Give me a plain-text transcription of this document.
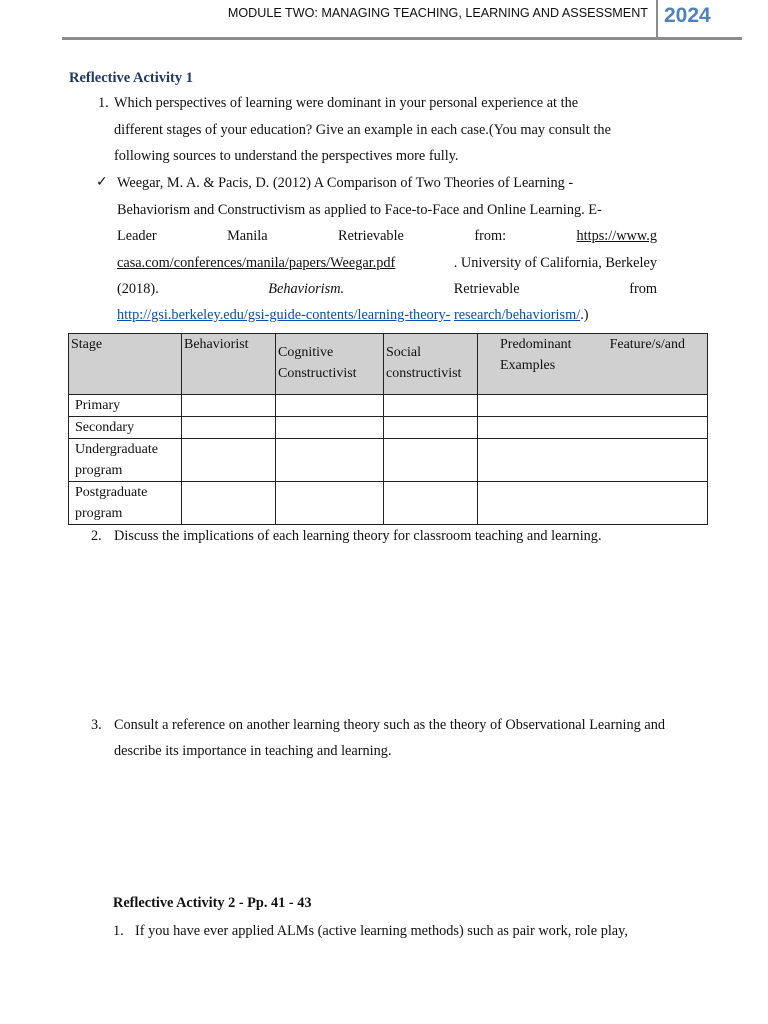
MODULE TWO: MANAGING TEACHING, LEARNING AND ASSESSMENT 2024
Reflective Activity 1
1. Which perspectives of learning were dominant in your personal experience at the
different stages of your education? Give an example in each case.(You may consult the
following sources to understand the perspectives more fully.
✓ Weegar, M. A. & Pacis, D. (2012) A Comparison of Two Theories of Learning -
Behaviorism and Constructivism as applied to Face-to-Face and Online Learning. E-
Leader	Manila	Retrievable	from:	https://www.g
casa.com/conferences/manila/papers/Weegar.pdf	. University of California, Berkeley
(2018).	Behaviorism.	Retrievable	from
http://gsi.berkeley.edu/gsi-guide-contents/learning-theory- research/behaviorism/.)
Stage	Behaviorist	Cognitive Constructivist	Social constructivist	Predominant Feature/s/and
Examples

Primary				
Secondary				
Undergraduate program				
Postgraduate program				
2. Discuss the implications of each learning theory for classroom teaching and learning.
3. Consult a reference on another learning theory such as the theory of Observational Learning and
describe its importance in teaching and learning.
Reflective Activity 2 - Pp. 41 - 43
1. If you have ever applied ALMs (active learning methods) such as pair work, role play,
